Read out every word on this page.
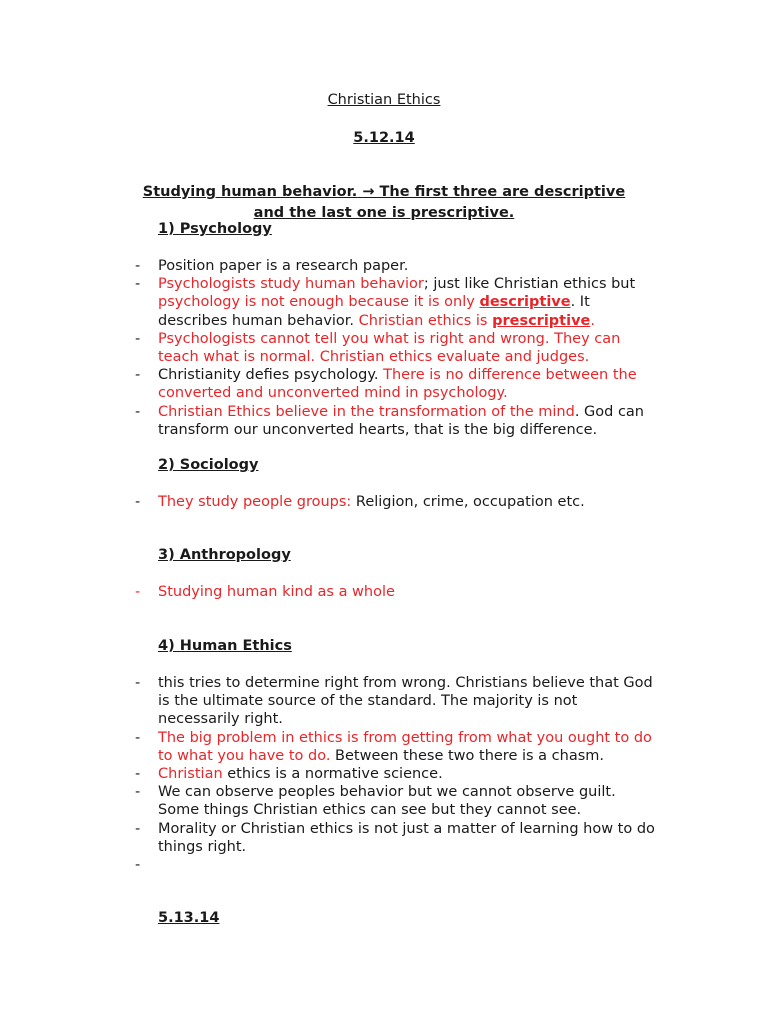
Christian Ethics
5.12.14
Studying human behavior. → The first three are descriptive
and the last one is prescriptive.
1) Psychology
- Position paper is a research paper.
- Psychologists study human behavior; just like Christian ethics but psychology is not enough because it is only descriptive. It describes human behavior. Christian ethics is prescriptive.
- Psychologists cannot tell you what is right and wrong. They can teach what is normal. Christian ethics evaluate and judges.
- Christianity defies psychology. There is no difference between the converted and unconverted mind in psychology.
- Christian Ethics believe in the transformation of the mind. God can transform our unconverted hearts, that is the big difference.
2) Sociology
- They study people groups: Religion, crime, occupation etc.
3) Anthropology
- Studying human kind as a whole
4) Human Ethics
- this tries to determine right from wrong. Christians believe that God is the ultimate source of the standard. The majority is not necessarily right.
- The big problem in ethics is from getting from what you ought to do to what you have to do. Between these two there is a chasm.
- Christian ethics is a normative science.
- We can observe peoples behavior but we cannot observe guilt. Some things Christian ethics can see but they cannot see.
- Morality or Christian ethics is not just a matter of learning how to do things right.
-

5.13.14
